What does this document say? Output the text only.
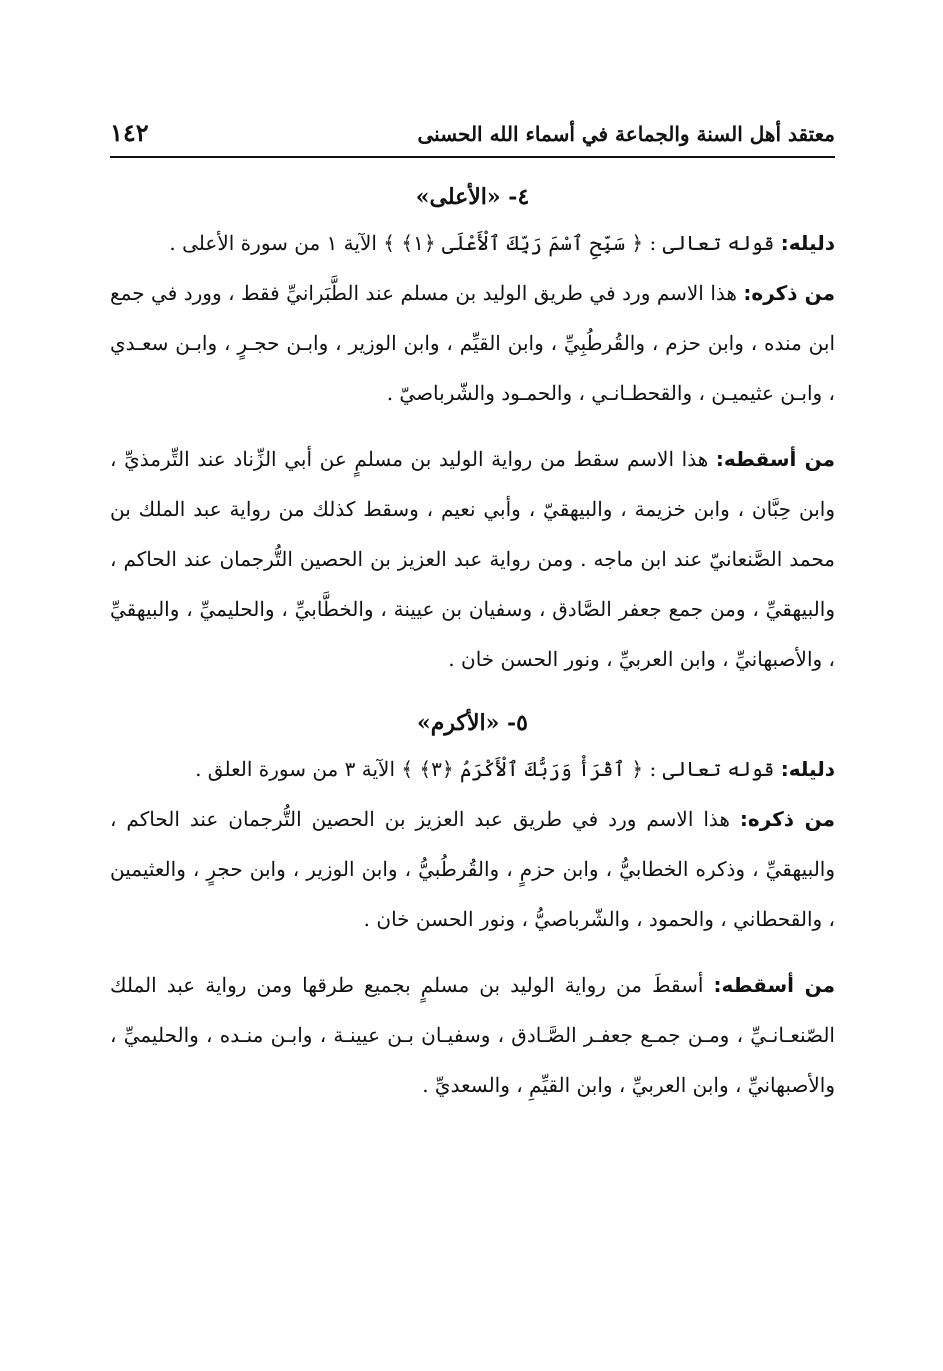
معتقد أهل السنة والجماعة في أسماء الله الحسنى
١٤٢
٤- «الأعلى»

دليله: قوله تعالى : ﴿ سَبِّحِ ٱسْمَ رَبِّكَ ٱلْأَعْلَى ﴿١﴾ ﴾ الآية ١ من سورة الأعلى .

من ذكره: هذا الاسم ورد في طريق الوليد بن مسلم عند الطَّبَرانيِّ فقط ، وورد في جمع ابن منده ، وابن حزم ، والقُرطُبِيِّ ، وابن القيِّم ، وابن الوزير ، وابـن حجـرٍ ، وابـن سعـدي ، وابـن عثيميـن ، والقحطـانـي ، والحمـود والشّرباصيّ .

من أسقطه: هذا الاسم سقط من رواية الوليد بن مسلمٍ عن أبي الزِّناد عند التِّرمذيِّ ، وابن حِبَّان ، وابن خزيمة ، والبيهقيّ ، وأبي نعيم ، وسقط كذلك من رواية عبد الملك بن محمد الصَّنعانيّ عند ابن ماجه . ومن رواية عبد العزيز بن الحصين التُّرجمان عند الحاكم ، والبيهقيِّ ، ومن جمع جعفر الصَّادق ، وسفيان بن عيينة ، والخطَّابيِّ ، والحليميِّ ، والبيهقيِّ ، والأصبهانيِّ ، وابن العربيِّ ، ونور الحسن خان .

٥- «الأكرم»

دليله: قوله تعالى : ﴿ ٱقْرَأْ وَرَبُّكَ ٱلْأَكْرَمُ ﴿٣﴾ ﴾ الآية ٣ من سورة العلق .

من ذكره: هذا الاسم ورد في طريق عبد العزيز بن الحصين التُّرجمان عند الحاكم ، والبيهقيِّ ، وذكره الخطابيُّ ، وابن حزمٍ ، والقُرطُبيُّ ، وابن الوزير ، وابن حجرٍ ، والعثيمين ، والقحطاني ، والحمود ، والشّرباصيُّ ، ونور الحسن خان .

من أسقطه: أسقطَ من رواية الوليد بن مسلمٍ بجميع طرقها ومن رواية عبد الملك الصّنعـانـيِّ ، ومـن جمـع جعفـر الصَّـادق ، وسفيـان بـن عيينـة ، وابـن منـده ، والحليميِّ ، والأصبهانيِّ ، وابن العربيِّ ، وابن القيِّمِ ، والسعديِّ .
